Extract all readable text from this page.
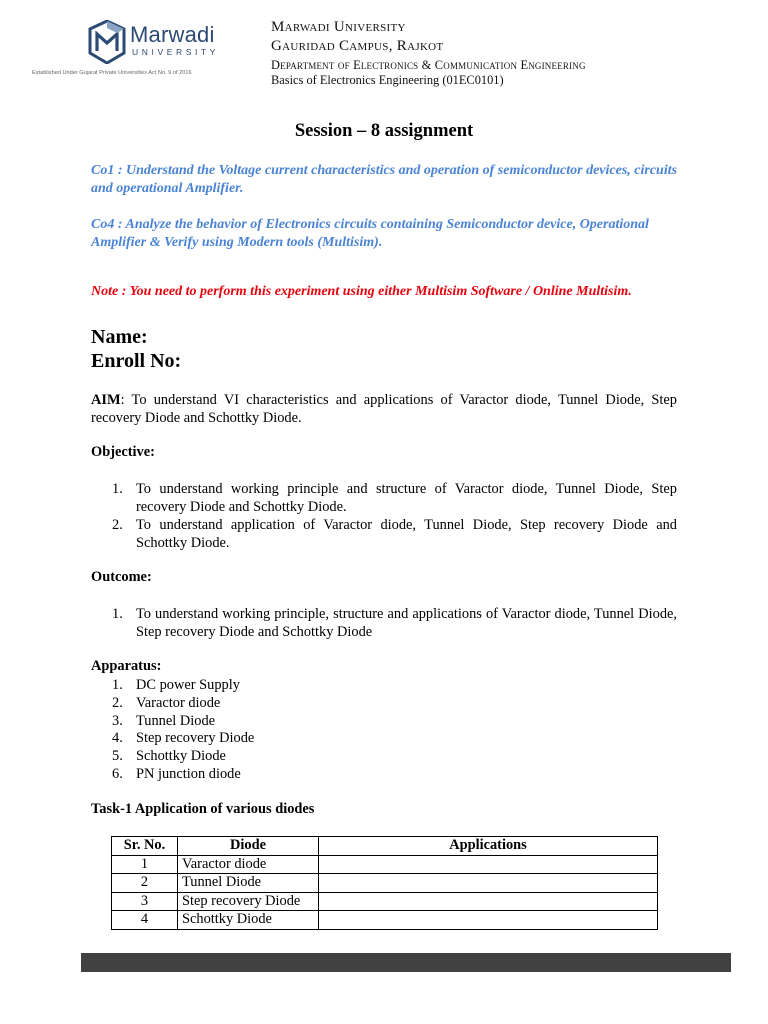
Marwadi
UNIVERSITY
Established Under Gujarat Private Universities Act No. 9 of 2016
Marwadi University
Gauridad Campus, Rajkot
Department of Electronics & Communication Engineering
Basics of Electronics Engineering (01EC0101)
Session – 8 assignment
Co1 : Understand the Voltage current characteristics and operation of semiconductor devices, circuits and operational Amplifier.
Co4 : Analyze the behavior of Electronics circuits containing Semiconductor device, Operational Amplifier & Verify using Modern tools (Multisim).
Note : You need to perform this experiment using either Multisim Software / Online Multisim.
Name:
Enroll No:
AIM: To understand VI characteristics and applications of Varactor diode, Tunnel Diode, Step recovery Diode and Schottky Diode.
Objective:
1. To understand working principle and structure of Varactor diode, Tunnel Diode, Step recovery Diode and Schottky Diode.
2. To understand application of Varactor diode, Tunnel Diode, Step recovery Diode and Schottky Diode.
Outcome:
1. To understand working principle, structure and applications of Varactor diode, Tunnel Diode, Step recovery Diode and Schottky Diode
Apparatus:
1. DC power Supply
2. Varactor diode
3. Tunnel Diode
4. Step recovery Diode
5. Schottky Diode
6. PN junction diode
Task-1 Application of various diodes
Sr. No.	Diode	Applications
1	Varactor diode	
2	Tunnel Diode	
3	Step recovery Diode	
4	Schottky Diode	
